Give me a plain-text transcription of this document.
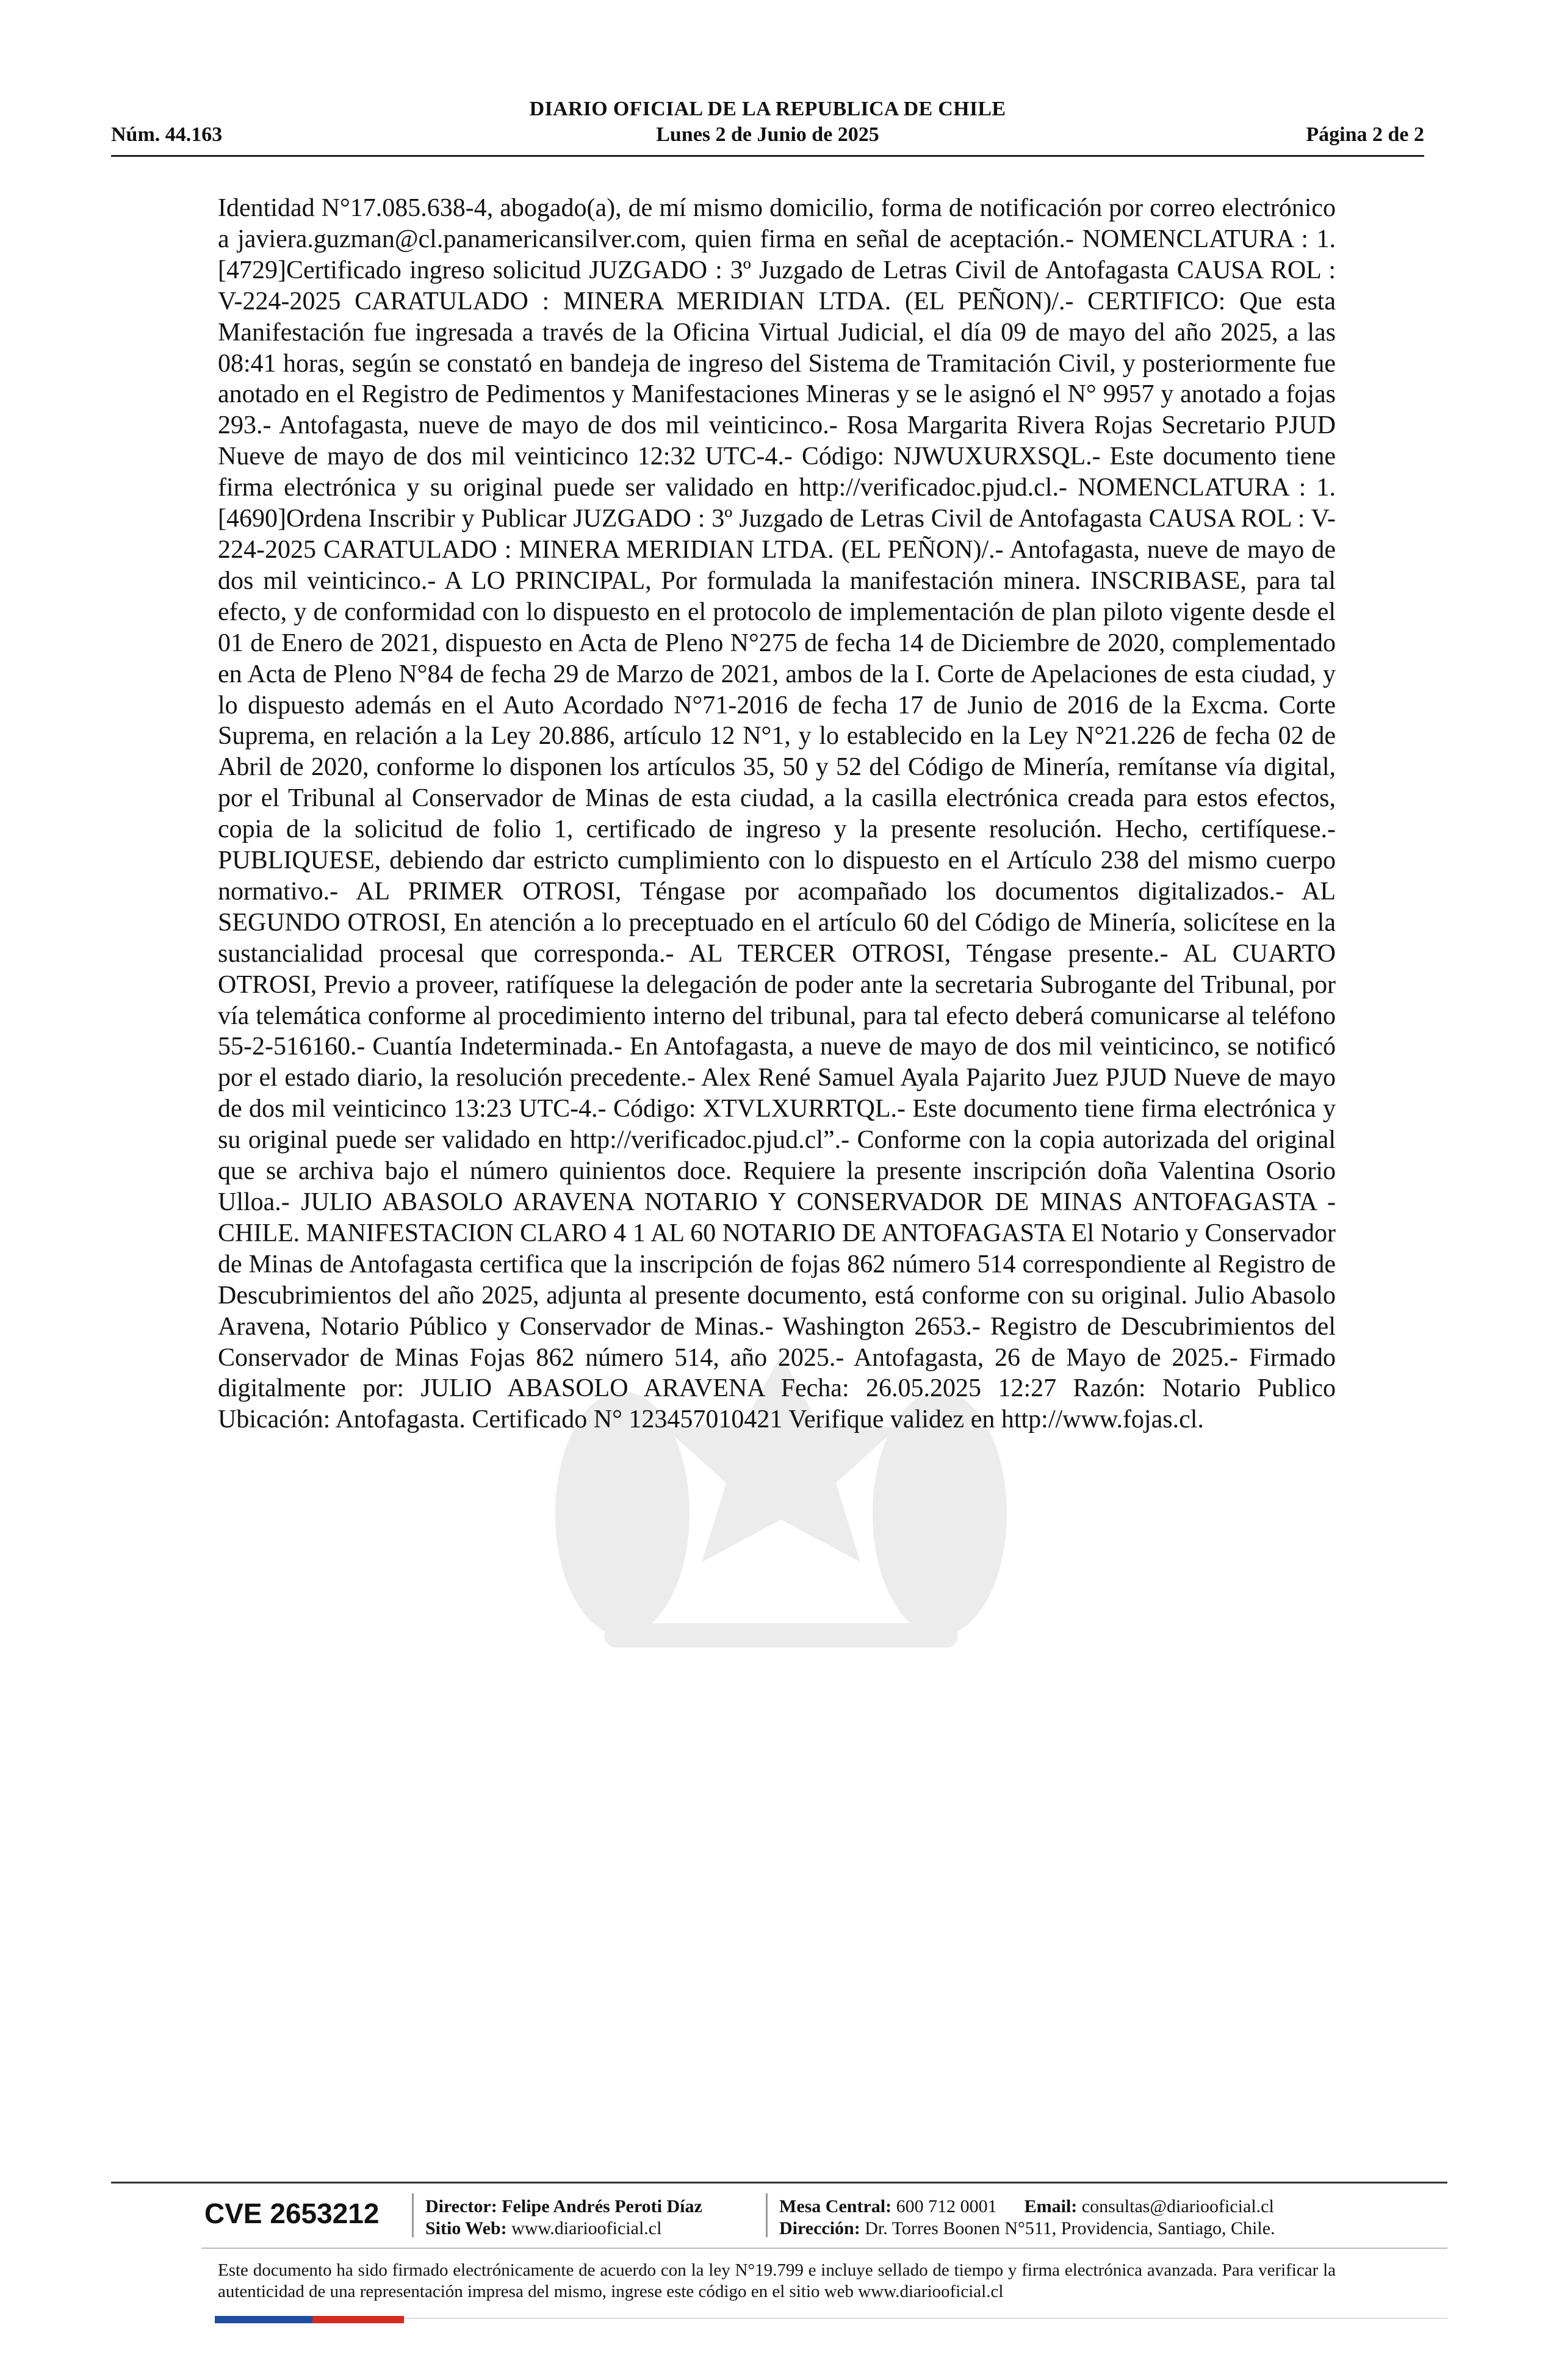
DIARIO OFICIAL DE LA REPUBLICA DE CHILE
Núm. 44.163	Lunes 2 de Junio de 2025	Página 2 de 2
Identidad N°17.085.638-4, abogado(a), de mí mismo domicilio, forma de notificación por correo electrónico a javiera.guzman@cl.panamericansilver.com, quien firma en señal de aceptación.- NOMENCLATURA : 1. [4729]Certificado ingreso solicitud JUZGADO : 3º Juzgado de Letras Civil de Antofagasta CAUSA ROL : V-224-2025 CARATULADO : MINERA MERIDIAN LTDA. (EL PEÑON)/.- CERTIFICO: Que esta Manifestación fue ingresada a través de la Oficina Virtual Judicial, el día 09 de mayo del año 2025, a las 08:41 horas, según se constató en bandeja de ingreso del Sistema de Tramitación Civil, y posteriormente fue anotado en el Registro de Pedimentos y Manifestaciones Mineras y se le asignó el N° 9957 y anotado a fojas 293.- Antofagasta, nueve de mayo de dos mil veinticinco.- Rosa Margarita Rivera Rojas Secretario PJUD Nueve de mayo de dos mil veinticinco 12:32 UTC-4.- Código: NJWUXURXSQL.- Este documento tiene firma electrónica y su original puede ser validado en http://verificadoc.pjud.cl.- NOMENCLATURA : 1. [4690]Ordena Inscribir y Publicar JUZGADO : 3º Juzgado de Letras Civil de Antofagasta CAUSA ROL : V-224-2025 CARATULADO : MINERA MERIDIAN LTDA. (EL PEÑON)/.- Antofagasta, nueve de mayo de dos mil veinticinco.- A LO PRINCIPAL, Por formulada la manifestación minera. INSCRIBASE, para tal efecto, y de conformidad con lo dispuesto en el protocolo de implementación de plan piloto vigente desde el 01 de Enero de 2021, dispuesto en Acta de Pleno N°275 de fecha 14 de Diciembre de 2020, complementado en Acta de Pleno N°84 de fecha 29 de Marzo de 2021, ambos de la I. Corte de Apelaciones de esta ciudad, y lo dispuesto además en el Auto Acordado N°71-2016 de fecha 17 de Junio de 2016 de la Excma. Corte Suprema, en relación a la Ley 20.886, artículo 12 N°1, y lo establecido en la Ley N°21.226 de fecha 02 de Abril de 2020, conforme lo disponen los artículos 35, 50 y 52 del Código de Minería, remítanse vía digital, por el Tribunal al Conservador de Minas de esta ciudad, a la casilla electrónica creada para estos efectos, copia de la solicitud de folio 1, certificado de ingreso y la presente resolución. Hecho, certifíquese.- PUBLIQUESE, debiendo dar estricto cumplimiento con lo dispuesto en el Artículo 238 del mismo cuerpo normativo.- AL PRIMER OTROSI, Téngase por acompañado los documentos digitalizados.- AL SEGUNDO OTROSI, En atención a lo preceptuado en el artículo 60 del Código de Minería, solicítese en la sustancialidad procesal que corresponda.- AL TERCER OTROSI, Téngase presente.- AL CUARTO OTROSI, Previo a proveer, ratifíquese la delegación de poder ante la secretaria Subrogante del Tribunal, por vía telemática conforme al procedimiento interno del tribunal, para tal efecto deberá comunicarse al teléfono 55-2-516160.- Cuantía Indeterminada.- En Antofagasta, a nueve de mayo de dos mil veinticinco, se notificó por el estado diario, la resolución precedente.- Alex René Samuel Ayala Pajarito Juez PJUD Nueve de mayo de dos mil veinticinco 13:23 UTC-4.- Código: XTVLXURRTQL.- Este documento tiene firma electrónica y su original puede ser validado en http://verificadoc.pjud.cl”.- Conforme con la copia autorizada del original que se archiva bajo el número quinientos doce. Requiere la presente inscripción doña Valentina Osorio Ulloa.- JULIO ABASOLO ARAVENA NOTARIO Y CONSERVADOR DE MINAS ANTOFAGASTA - CHILE. MANIFESTACION CLARO 4 1 AL 60 NOTARIO DE ANTOFAGASTA El Notario y Conservador de Minas de Antofagasta certifica que la inscripción de fojas 862 número 514 correspondiente al Registro de Descubrimientos del año 2025, adjunta al presente documento, está conforme con su original. Julio Abasolo Aravena, Notario Público y Conservador de Minas.- Washington 2653.- Registro de Descubrimientos del Conservador de Minas Fojas 862 número 514, año 2025.- Antofagasta, 26 de Mayo de 2025.- Firmado digitalmente por: JULIO ABASOLO ARAVENA Fecha: 26.05.2025 12:27 Razón: Notario Publico Ubicación: Antofagasta. Certificado N° 123457010421 Verifique validez en http://www.fojas.cl.
CVE 2653212	Director: Felipe Andrés Peroti Díaz
Sitio Web: www.diariooficial.cl
Mesa Central: 600 712 0001 Email: consultas@diariooficial.cl
Dirección: Dr. Torres Boonen N°511, Providencia, Santiago, Chile.
Este documento ha sido firmado electrónicamente de acuerdo con la ley N°19.799 e incluye sellado de tiempo y firma electrónica avanzada. Para verificar la autenticidad de una representación impresa del mismo, ingrese este código en el sitio web www.diariooficial.cl
